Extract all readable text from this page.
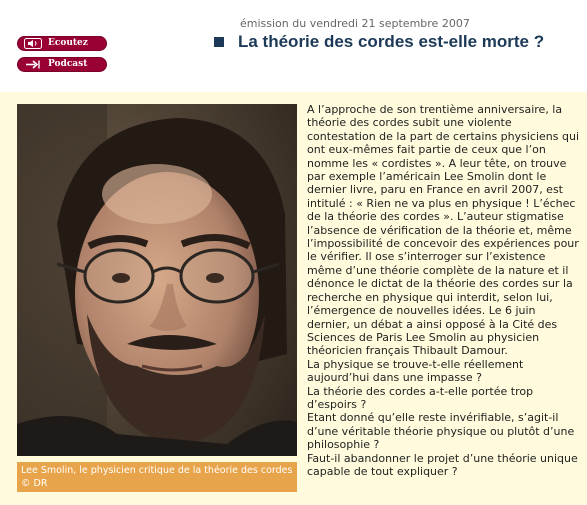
Ecoutez
Podcast
émission du vendredi 21 septembre 2007
La théorie des cordes est-elle morte ?
Lee Smolin, le physicien critique de la théorie des cordes
© DR

A l’approche de son trentième anniversaire, la théorie des cordes subit une violente contestation de la part de certains physiciens qui ont eux-mêmes fait partie de ceux que l’on nomme les « cordistes ». A leur tête, on trouve par exemple l’américain Lee Smolin dont le dernier livre, paru en France en avril 2007, est intitulé : « Rien ne va plus en physique ! L’échec de la théorie des cordes ». L’auteur stigmatise l’absence de vérification de la théorie et, même l’impossibilité de concevoir des expériences pour le vérifier. Il ose s’interroger sur l’existence même d’une théorie complète de la nature et il dénonce le dictat de la théorie des cordes sur la recherche en physique qui interdit, selon lui, l’émergence de nouvelles idées. Le 6 juin dernier, un débat a ainsi opposé à la Cité des Sciences de Paris Lee Smolin au physicien théoricien français Thibault Damour.

La physique se trouve-t-elle réellement aujourd’hui dans une impasse ?

La théorie des cordes a-t-elle portée trop d’espoirs ?

Etant donné qu’elle reste invérifiable, s’agit-il d’une véritable théorie physique ou plutôt d’une philosophie ?

Faut-il abandonner le projet d’une théorie unique capable de tout expliquer ?
